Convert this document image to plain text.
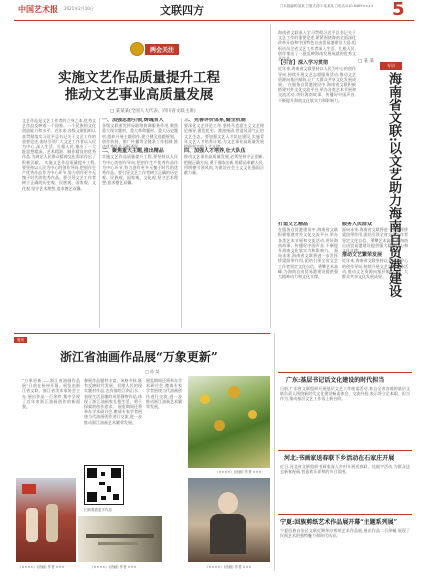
中国艺术报 2021年2月10日	文联四方	□本版编辑:某某 □版式设计:某某某 □电话:010-6489××××	5
两会关注
实施文艺作品质量提升工程
推动文艺事业高质量发展
□ 某某某(全国人大代表、四川省文联主席)
文艺作品是文艺工作者的立身之本,优秀文艺作品反映着一个国家、一个民族的文化创造能力和水平。近年来,各级文联组织认真贯彻落实习近平总书记关于文艺工作的重要论述,团结引领广大文艺工作者以人民为中心,深入生活、扎根人民,推出了一大批思想精深、艺术精湛、制作精良的优秀作品,为满足人民群众精神文化需求作出了积极贡献。 实施文艺作品质量提升工程,要坚持以人民为中心的创作导向,把创作生产优秀作品作为中心环节,努力创作更多无愧于时代的优秀作品。要引导文艺工作者树立正确的历史观、民族观、国家观、文化观,坚守艺术理想,追求德艺双馨。
一、加强思想引领,铸魂育人
各级文联要发挥好联络协调服务作用,聚焦重大现实题材、重大革命题材、重大历史题材,组织开展主题创作,建立健全选题规划、创作扶持、推广传播等全链条工作机制,推动优秀作品不断涌现。
二、聚焦重大主题,推出精品
实施文艺作品质量提升工程,要坚持以人民为中心的创作导向,把创作生产优秀作品作为中心环节,努力创作更多无愧于时代的优秀作品。要引导文艺工作者树立正确的历史观、民族观、国家观、文化观,坚守艺术理想,追求德艺双馨。
三、完善评价体系,健全机制
要深化文艺评论工作,坚持马克思主义文艺理论指导,褒优贬劣、激浊扬清,营造风清气正的文艺生态。要加强文艺人才队伍建设,实施青年文艺人才培养计划,为文艺事业高质量发展提供坚实的人才支撑。
四、加强人才培养,壮大队伍
推动文艺事业高质量发展,必须坚持守正创新,把握正确方向,勇于推陈出新,用精品奉献人民,用明德引领风尚,为建设社会主义文化强国贡献力量。
专访
海南省文联:以文艺助力海南自贸港建设
□ 某 某
海南省文联深入学习贯彻习近平总书记关于文艺工作的重要论述,紧紧围绕海南全面深化改革开放和中国特色自由贸易港建设大局,组织动员全省文艺工作者深入生活、扎根人民,创作推出了一批反映海南发展成就的优秀文艺作品。
【引言】深入学习贯彻
近年来,海南省文联坚持以人民为中心的创作导向,持续开展文艺志愿服务活动,推动文艺资源向基层倾斜,让广大群众共享文化发展成果。 在服务自贸港建设中,海南省文联积极搭建对外文化交流平台,举办各类艺术节展和交流活动,讲好海南故事、传播好中国声音,不断提升海南文化软实力和影响力。
打造文艺精品
在服务自贸港建设中,海南省文联积极搭建对外文化交流平台,举办各类艺术节展和交流活动,讲好海南故事、传播好中国声音,不断提升海南文化软实力和影响力。 面向未来,海南省文联将进一步发挥桥梁纽带作用,团结引领全省文艺工作者坚定文化自信、勇攀艺术高峰,为海南自由贸易港建设提供强大精神动力和文化支撑。
服务人民群众
面向未来,海南省文联将进一步发挥桥梁纽带作用,团结引领全省文艺工作者坚定文化自信、勇攀艺术高峰,为海南自由贸易港建设提供强大精神动力和文化支撑。
推动文艺繁荣发展
近年来,海南省文联坚持以人民为中心的创作导向,持续开展文艺志愿服务活动,推动文艺资源向基层倾斜,让广大群众共享文化发展成果。
展讯
浙江省油画作品展“万象更新”
□ 孙 某
“万象更新——浙江省油画作品展”日前在杭州开幕。展览由浙江省文联、浙江省美术家协会主办,展出作品一百余件,集中呈现了近年来浙江油画创作的新面貌。
参展作品题材丰富、风格多样,既有反映时代发展、讴歌人民的现实题材作品,也有描绘江南山水、表现生活意趣的风景静物作品,体现了浙江油画家扎根生活、勇于探索的创作追求。 展览期间还将举办学术研讨会,邀请专家学者围绕当代油画创作进行交流,进一步推动浙江油画艺术繁荣发展。
展览期间还将举办学术研讨会,邀请专家学者围绕当代油画创作进行交流,进一步推动浙江油画艺术繁荣发展。
扫码观看更多作品
《××××》(油画) 作者 ×××
《××××》(油画) 作者 ×××	《××××》(油画) 作者 ×××	《××××》(油画) 作者 ×××
广东:基层书记话文化建设的时代担当
日前,广东省文联组织开展基层文艺工作座谈活动,来自全省各地的基层文联负责人围绕新时代文化建设畅谈体会、交流经验,表示将立足本职、担当作为,推动基层文艺工作再上新台阶。
河北:书画家送春联下乡活动在石家庄开展
近日,河北省文联组织书画家深入乡村开展送春联、送福字活动,为群众送去新春祝福,营造欢乐祥和的节日氛围。
宁夏:回族剪纸艺术作品展开幕“主题系列展”
宁夏回族自治区文联近期举办剪纸艺术作品展,展出作品二百余幅,展现了民间艺术的独特魅力和时代风采。
